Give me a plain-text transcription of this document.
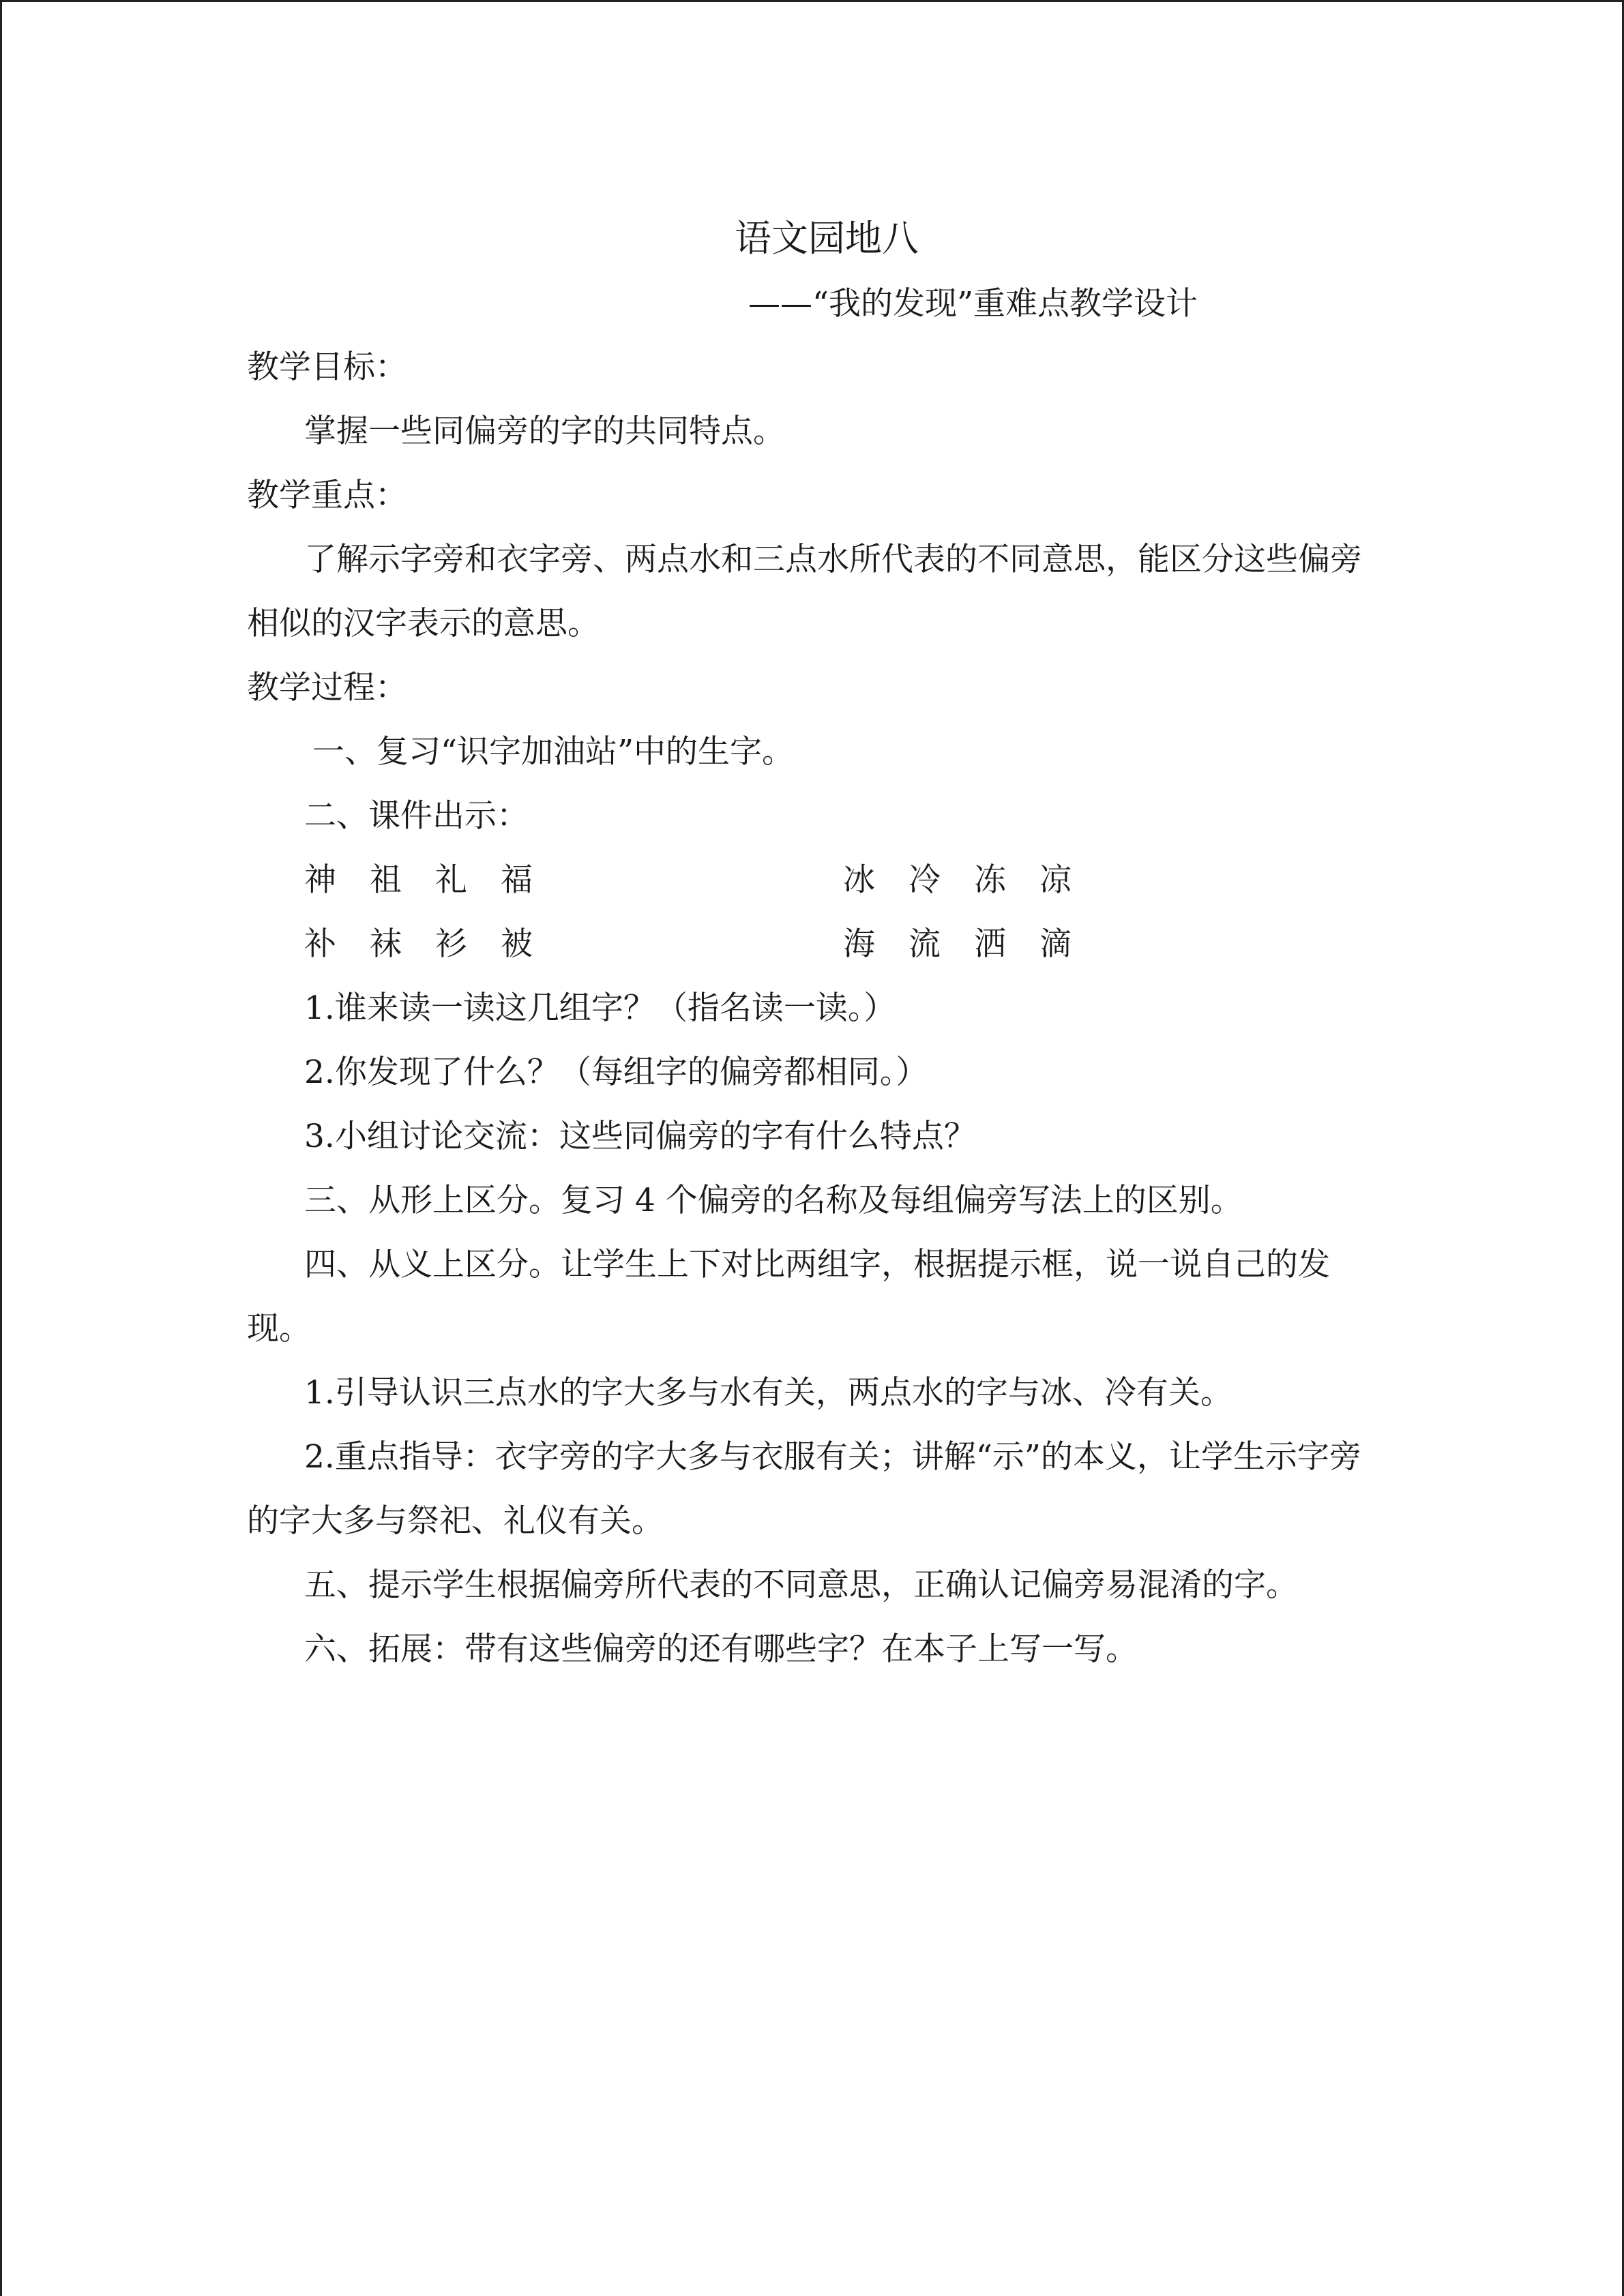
语文园地八

——“我的发现”重难点教学设计

教学目标：

掌握一些同偏旁的字的共同特点。

教学重点：

了解示字旁和衣字旁、两点水和三点水所代表的不同意思，能区分这些偏旁相似的汉字表示的意思。

教学过程：

一、复习“识字加油站”中的生字。

二、课件出示：

神	祖	礼	福	冰	冷	冻	凉
补	袜	衫	被	海	流	洒	滴

1.谁来读一读这几组字？（指名读一读。）

2.你发现了什么？（每组字的偏旁都相同。）

3.小组讨论交流：这些同偏旁的字有什么特点？

三、从形上区分。复习 4 个偏旁的名称及每组偏旁写法上的区别。

四、从义上区分。让学生上下对比两组字，根据提示框，说一说自己的发现。

1.引导认识三点水的字大多与水有关，两点水的字与冰、冷有关。

2.重点指导：衣字旁的字大多与衣服有关；讲解“示”的本义，让学生示字旁的字大多与祭祀、礼仪有关。

五、提示学生根据偏旁所代表的不同意思，正确认记偏旁易混淆的字。

六、拓展：带有这些偏旁的还有哪些字？在本子上写一写。
